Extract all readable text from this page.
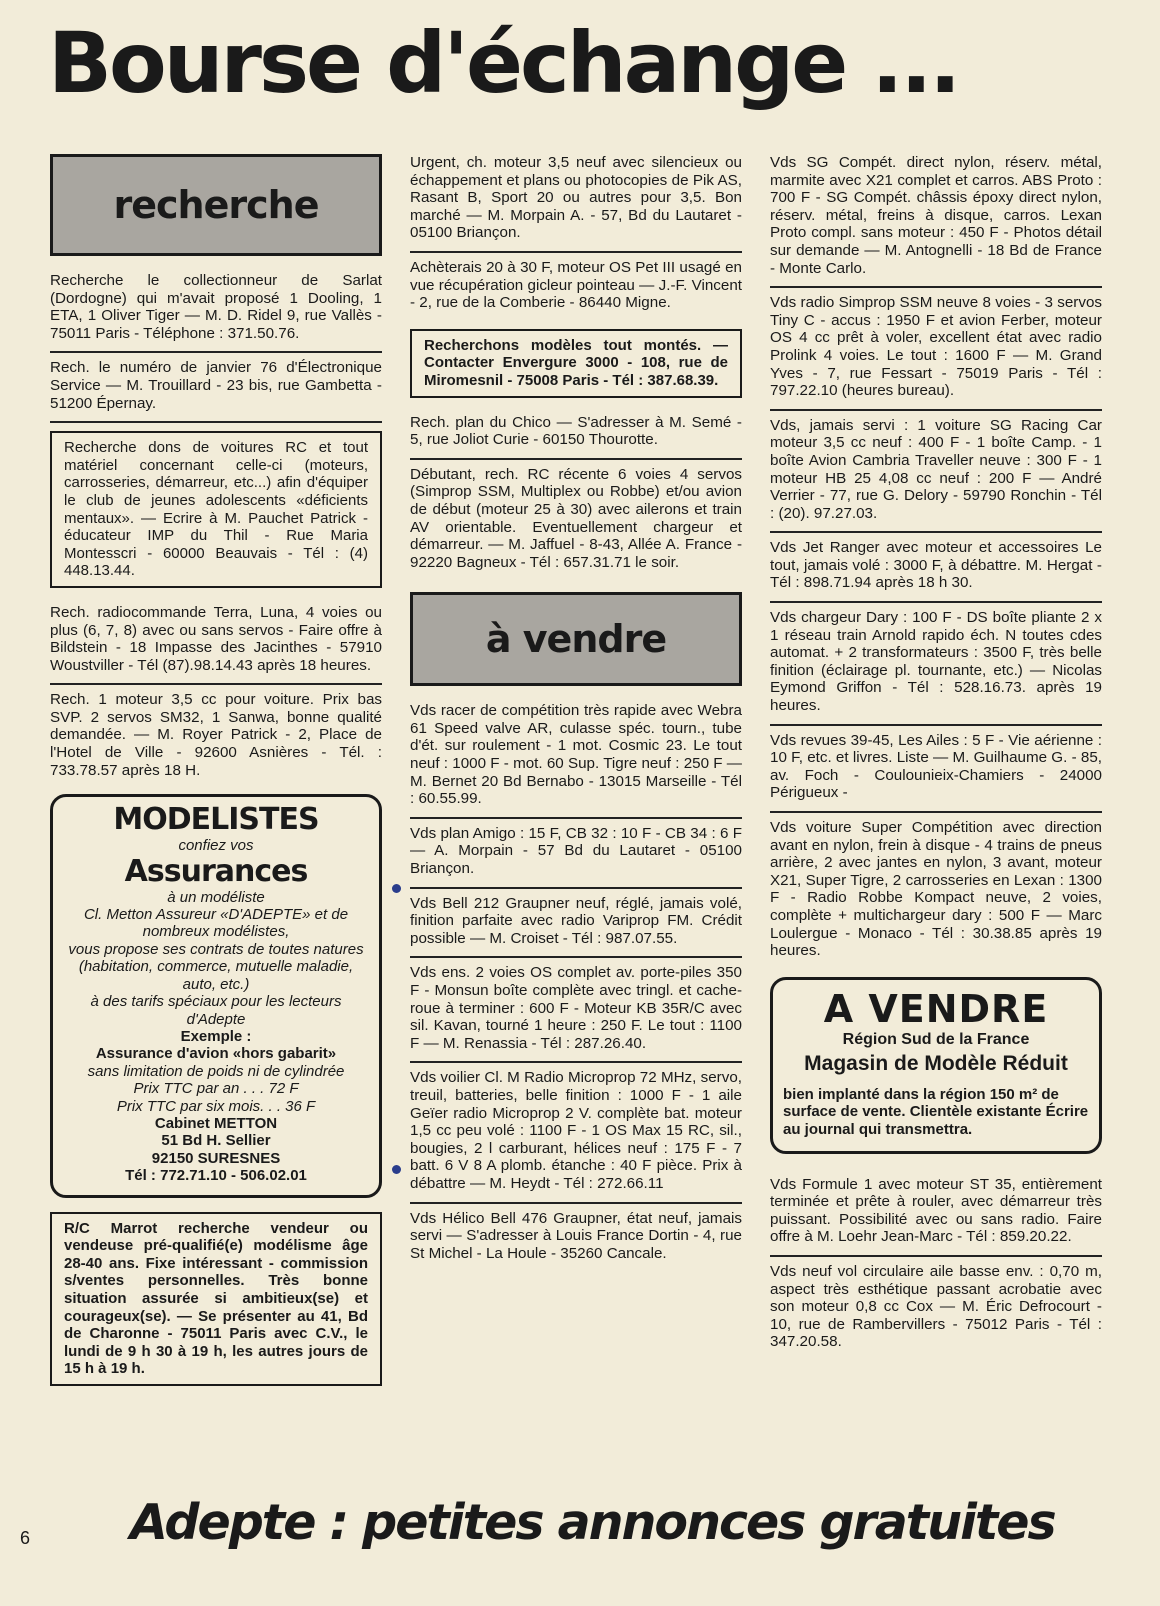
Bourse d'échange ...
recherche
Recherche le collectionneur de Sarlat (Dordogne) qui m'avait proposé 1 Dooling, 1 ETA, 1 Oliver Tiger — M. D. Ridel 9, rue Vallès - 75011 Paris - Téléphone : 371.50.76.
Rech. le numéro de janvier 76 d'Électronique Service — M. Trouillard - 23 bis, rue Gambetta - 51200 Épernay.
Recherche dons de voitures RC et tout matériel concernant celle-ci (moteurs, carrosseries, démarreur, etc...) afin d'équiper le club de jeunes adolescents «déficients mentaux». — Ecrire à M. Pauchet Patrick - éducateur IMP du Thil - Rue Maria Montesscri - 60000 Beauvais - Tél : (4) 448.13.44.
Rech. radiocommande Terra, Luna, 4 voies ou plus (6, 7, 8) avec ou sans servos - Faire offre à Bildstein - 18 Impasse des Jacinthes - 57910 Woustviller - Tél (87).98.14.43 après 18 heures.
Rech. 1 moteur 3,5 cc pour voiture. Prix bas SVP. 2 servos SM32, 1 Sanwa, bonne qualité demandée. — M. Royer Patrick - 2, Place de l'Hotel de Ville - 92600 Asnières - Tél. : 733.78.57 après 18 H.
MODELISTES
confiez vos
Assurances
à un modéliste
Cl. Metton Assureur «D'ADEPTE» et de nombreux modélistes,
vous propose ses contrats de toutes natures (habitation, commerce, mutuelle maladie, auto, etc.)
à des tarifs spéciaux pour les lecteurs d'Adepte
Exemple :
Assurance d'avion «hors gabarit»
sans limitation de poids ni de cylindrée
Prix TTC par an . . . 72 F
Prix TTC par six mois. . . 36 F
Cabinet METTON
51 Bd H. Sellier
92150 SURESNES
Tél : 772.71.10 - 506.02.01
R/C Marrot recherche vendeur ou vendeuse pré-qualifié(e) modélisme âge 28-40 ans. Fixe intéressant - commission s/ventes personnelles. Très bonne situation assurée si ambitieux(se) et courageux(se). — Se présenter au 41, Bd de Charonne - 75011 Paris avec C.V., le lundi de 9 h 30 à 19 h, les autres jours de 15 h à 19 h.
Urgent, ch. moteur 3,5 neuf avec silencieux ou échappement et plans ou photocopies de Pik AS, Rasant B, Sport 20 ou autres pour 3,5. Bon marché — M. Morpain A. - 57, Bd du Lautaret - 05100 Briançon.
Achèterais 20 à 30 F, moteur OS Pet III usagé en vue récupération gicleur pointeau — J.-F. Vincent - 2, rue de la Comberie - 86440 Migne.
Recherchons modèles tout montés. — Contacter Envergure 3000 - 108, rue de Miromesnil - 75008 Paris - Tél : 387.68.39.
Rech. plan du Chico — S'adresser à M. Semé - 5, rue Joliot Curie - 60150 Thourotte.
Débutant, rech. RC récente 6 voies 4 servos (Simprop SSM, Multiplex ou Robbe) et/ou avion de début (moteur 25 à 30) avec ailerons et train AV orientable. Eventuellement chargeur et démarreur. — M. Jaffuel - 8-43, Allée A. France - 92220 Bagneux - Tél : 657.31.71 le soir.
à vendre
Vds racer de compétition très rapide avec Webra 61 Speed valve AR, culasse spéc. tourn., tube d'ét. sur roulement - 1 mot. Cosmic 23. Le tout neuf : 1000 F - mot. 60 Sup. Tigre neuf : 250 F — M. Bernet 20 Bd Bernabo - 13015 Marseille - Tél : 60.55.99.
Vds plan Amigo : 15 F, CB 32 : 10 F - CB 34 : 6 F — A. Morpain - 57 Bd du Lautaret - 05100 Briançon.
Vds Bell 212 Graupner neuf, réglé, jamais volé, finition parfaite avec radio Variprop FM. Crédit possible — M. Croiset - Tél : 987.07.55.
Vds ens. 2 voies OS complet av. porte-piles 350 F - Monsun boîte complète avec tringl. et cache-roue à terminer : 600 F - Moteur KB 35R/C avec sil. Kavan, tourné 1 heure : 250 F. Le tout : 1100 F — M. Renassia - Tél : 287.26.40.
Vds voilier Cl. M Radio Microprop 72 MHz, servo, treuil, batteries, belle finition : 1000 F - 1 aile Geïer radio Microprop 2 V. complète bat. moteur 1,5 cc peu volé : 1100 F - 1 OS Max 15 RC, sil., bougies, 2 l carburant, hélices neuf : 175 F - 7 batt. 6 V 8 A plomb. étanche : 40 F pièce. Prix à débattre — M. Heydt - Tél : 272.66.11
Vds Hélico Bell 476 Graupner, état neuf, jamais servi — S'adresser à Louis France Dortin - 4, rue St Michel - La Houle - 35260 Cancale.
Vds SG Compét. direct nylon, réserv. métal, marmite avec X21 complet et carros. ABS Proto : 700 F - SG Compét. châssis époxy direct nylon, réserv. métal, freins à disque, carros. Lexan Proto compl. sans moteur : 450 F - Photos détail sur demande — M. Antognelli - 18 Bd de France - Monte Carlo.
Vds radio Simprop SSM neuve 8 voies - 3 servos Tiny C - accus : 1950 F et avion Ferber, moteur OS 4 cc prêt à voler, excellent état avec radio Prolink 4 voies. Le tout : 1600 F — M. Grand Yves - 7, rue Fessart - 75019 Paris - Tél : 797.22.10 (heures bureau).
Vds, jamais servi : 1 voiture SG Racing Car moteur 3,5 cc neuf : 400 F - 1 boîte Camp. - 1 boîte Avion Cambria Traveller neuve : 300 F - 1 moteur HB 25 4,08 cc neuf : 200 F — André Verrier - 77, rue G. Delory - 59790 Ronchin - Tél : (20). 97.27.03.
Vds Jet Ranger avec moteur et accessoires Le tout, jamais volé : 3000 F, à débattre. M. Hergat - Tél : 898.71.94 après 18 h 30.
Vds chargeur Dary : 100 F - DS boîte pliante 2 x 1 réseau train Arnold rapido éch. N toutes cdes automat. + 2 transformateurs : 3500 F, très belle finition (éclairage pl. tournante, etc.) — Nicolas Eymond Griffon - Tél : 528.16.73. après 19 heures.
Vds revues 39-45, Les Ailes : 5 F - Vie aérienne : 10 F, etc. et livres. Liste — M. Guilhaume G. - 85, av. Foch - Coulounieix-Chamiers - 24000 Périgueux -
Vds voiture Super Compétition avec direction avant en nylon, frein à disque - 4 trains de pneus arrière, 2 avec jantes en nylon, 3 avant, moteur X21, Super Tigre, 2 carrosseries en Lexan : 1300 F - Radio Robbe Kompact neuve, 2 voies, complète + multichargeur dary : 500 F — Marc Loulergue - Monaco - Tél : 30.38.85 après 19 heures.
A VENDRE
Région Sud de la France
Magasin de Modèle Réduit
bien implanté dans la région 150 m² de surface de vente. Clientèle existante Écrire au journal qui transmettra.
Vds Formule 1 avec moteur ST 35, entièrement terminée et prête à rouler, avec démarreur très puissant. Possibilité avec ou sans radio. Faire offre à M. Loehr Jean-Marc - Tél : 859.20.22.
Vds neuf vol circulaire aile basse env. : 0,70 m, aspect très esthétique passant acrobatie avec son moteur 0,8 cc Cox — M. Éric Defrocourt - 10, rue de Rambervillers - 75012 Paris - Tél : 347.20.58.
6 Adepte : petites annonces gratuites
